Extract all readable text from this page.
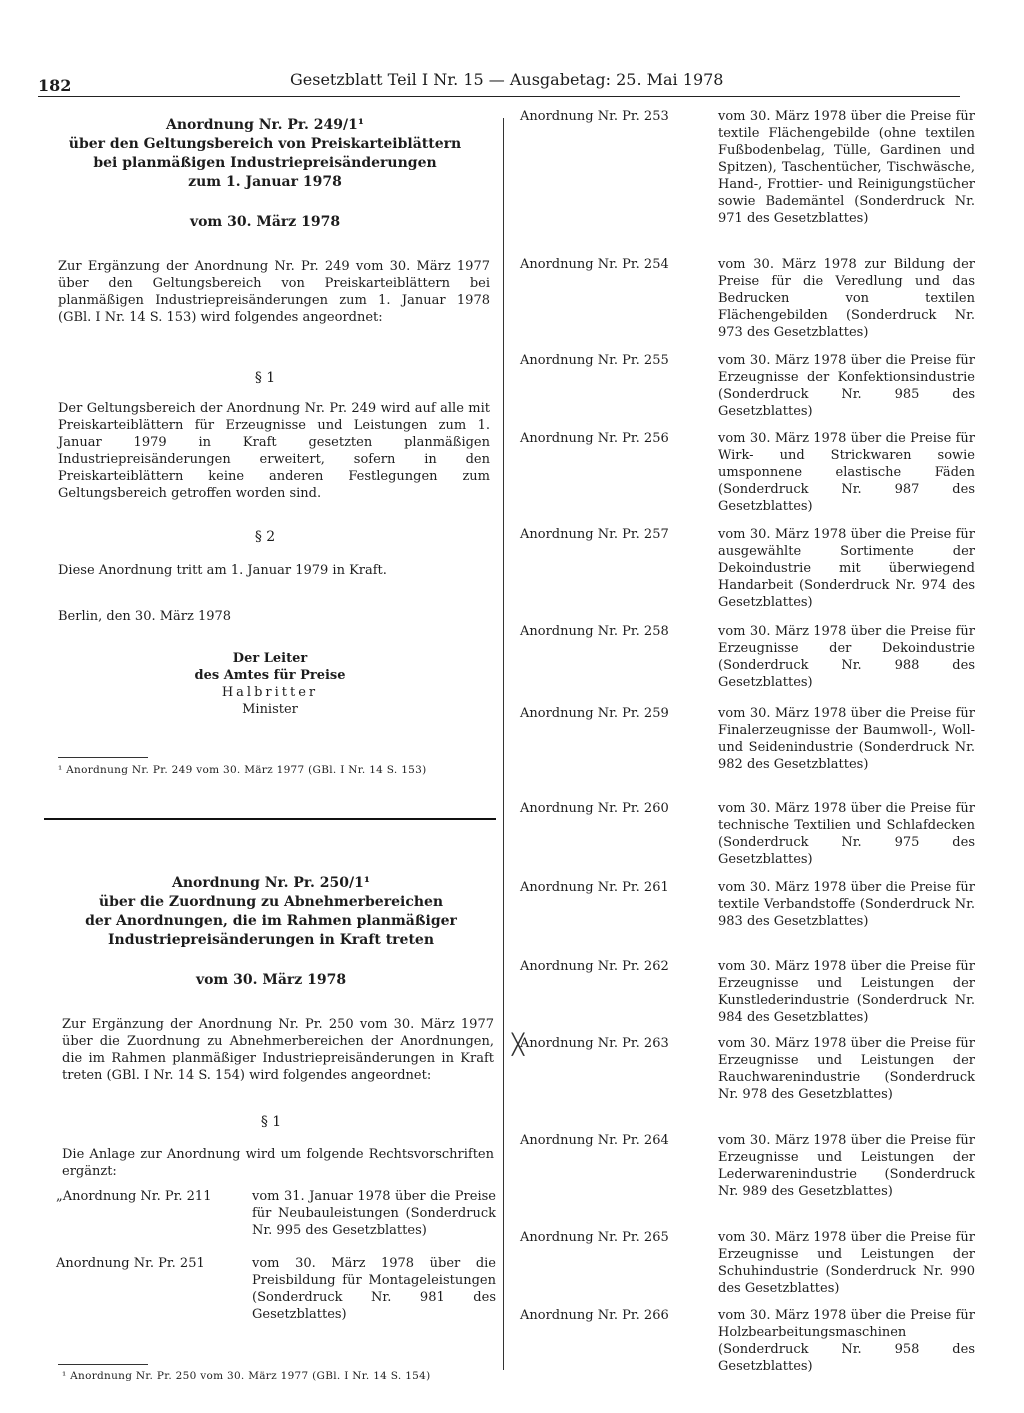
182	Gesetzblatt Teil I Nr. 15 — Ausgabetag: 25. Mai 1978
Anordnung Nr. Pr. 249/1¹
über den Geltungsbereich von Preiskarteiblättern
bei planmäßigen Industriepreisänderungen
zum 1. Januar 1978
vom 30. März 1978
Zur Ergänzung der Anordnung Nr. Pr. 249 vom 30. März 1977 über den Geltungsbereich von Preiskarteiblättern bei planmäßigen Industriepreisänderungen zum 1. Januar 1978 (GBl. I Nr. 14 S. 153) wird folgendes angeordnet:
§ 1
Der Geltungsbereich der Anordnung Nr. Pr. 249 wird auf alle mit Preiskarteiblättern für Erzeugnisse und Leistungen zum 1. Januar 1979 in Kraft gesetzten planmäßigen Industriepreisänderungen erweitert, sofern in den Preiskarteiblättern keine anderen Festlegungen zum Geltungsbereich getroffen worden sind.
§ 2
Diese Anordnung tritt am 1. Januar 1979 in Kraft.
Berlin, den 30. März 1978
Der Leiter
des Amtes für Preise
Halbritter
Minister
¹ Anordnung Nr. Pr. 249 vom 30. März 1977 (GBl. I Nr. 14 S. 153)
Anordnung Nr. Pr. 250/1¹
über die Zuordnung zu Abnehmerbereichen
der Anordnungen, die im Rahmen planmäßiger
Industriepreisänderungen in Kraft treten
vom 30. März 1978
Zur Ergänzung der Anordnung Nr. Pr. 250 vom 30. März 1977 über die Zuordnung zu Abnehmerbereichen der Anordnungen, die im Rahmen planmäßiger Industriepreisänderungen in Kraft treten (GBl. I Nr. 14 S. 154) wird folgendes angeordnet:
§ 1
Die Anlage zur Anordnung wird um folgende Rechtsvorschriften ergänzt:
„Anordnung Nr. Pr. 211	vom 31. Januar 1978 über die Preise für Neubauleistungen (Sonderdruck Nr. 995 des Gesetzblattes)
Anordnung Nr. Pr. 251	vom 30. März 1978 über die Preisbildung für Montageleistungen (Sonderdruck Nr. 981 des Gesetzblattes)
¹ Anordnung Nr. Pr. 250 vom 30. März 1977 (GBl. I Nr. 14 S. 154)
Anordnung Nr. Pr. 253	vom 30. März 1978 über die Preise für textile Flächengebilde (ohne textilen Fußbodenbelag, Tülle, Gardinen und Spitzen), Taschentücher, Tischwäsche, Hand-, Frottier- und Reinigungstücher sowie Bademäntel (Sonderdruck Nr. 971 des Gesetzblattes)
Anordnung Nr. Pr. 254	vom 30. März 1978 zur Bildung der Preise für die Veredlung und das Bedrucken von textilen Flächengebilden (Sonderdruck Nr. 973 des Gesetzblattes)
Anordnung Nr. Pr. 255	vom 30. März 1978 über die Preise für Erzeugnisse der Konfektionsindustrie (Sonderdruck Nr. 985 des Gesetzblattes)
Anordnung Nr. Pr. 256	vom 30. März 1978 über die Preise für Wirk- und Strickwaren sowie umsponnene elastische Fäden (Sonderdruck Nr. 987 des Gesetzblattes)
Anordnung Nr. Pr. 257	vom 30. März 1978 über die Preise für ausgewählte Sortimente der Dekoindustrie mit überwiegend Handarbeit (Sonderdruck Nr. 974 des Gesetzblattes)
Anordnung Nr. Pr. 258	vom 30. März 1978 über die Preise für Erzeugnisse der Dekoindustrie (Sonderdruck Nr. 988 des Gesetzblattes)
Anordnung Nr. Pr. 259	vom 30. März 1978 über die Preise für Finalerzeugnisse der Baumwoll-, Woll- und Seidenindustrie (Sonderdruck Nr. 982 des Gesetzblattes)
Anordnung Nr. Pr. 260	vom 30. März 1978 über die Preise für technische Textilien und Schlafdecken (Sonderdruck Nr. 975 des Gesetzblattes)
Anordnung Nr. Pr. 261	vom 30. März 1978 über die Preise für textile Verbandstoffe (Sonderdruck Nr. 983 des Gesetzblattes)
Anordnung Nr. Pr. 262	vom 30. März 1978 über die Preise für Erzeugnisse und Leistungen der Kunstlederindustrie (Sonderdruck Nr. 984 des Gesetzblattes)
Anordnung Nr. Pr. 263	vom 30. März 1978 über die Preise für Erzeugnisse und Leistungen der Rauchwarenindustrie (Sonderdruck Nr. 978 des Gesetzblattes)
Anordnung Nr. Pr. 264	vom 30. März 1978 über die Preise für Erzeugnisse und Leistungen der Lederwarenindustrie (Sonderdruck Nr. 989 des Gesetzblattes)
Anordnung Nr. Pr. 265	vom 30. März 1978 über die Preise für Erzeugnisse und Leistungen der Schuhindustrie (Sonderdruck Nr. 990 des Gesetzblattes)
Anordnung Nr. Pr. 266	vom 30. März 1978 über die Preise für Holzbearbeitungsmaschinen (Sonderdruck Nr. 958 des Gesetzblattes)
╳
